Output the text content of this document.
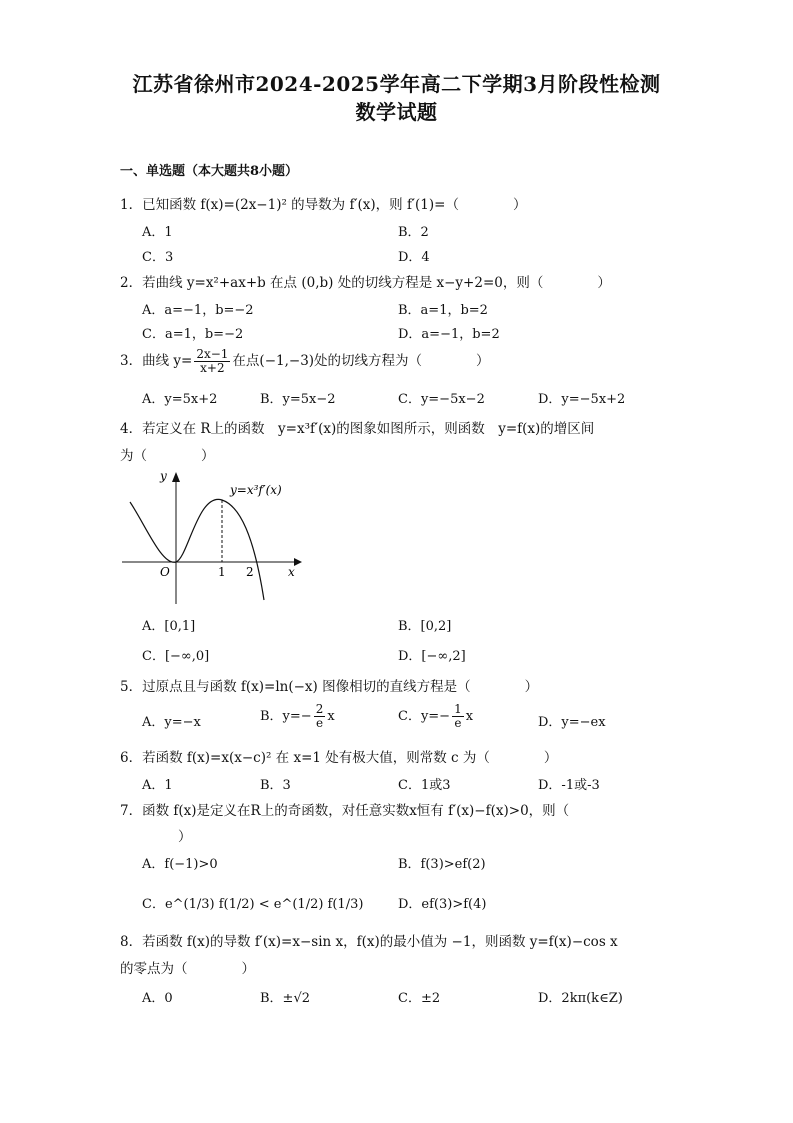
江苏省徐州市2024-2025学年高二下学期3月阶段性检测
数学试题
一、单选题（本大题共8小题）
1．已知函数 f(x)=(2x−1)² 的导数为 f′(x)，则 f′(1)=（　　　　）
A．1	B．2
C．3	D．4
2．若曲线 y=x²+ax+b 在点 (0,b) 处的切线方程是 x−y+2=0，则（　　　　）
A．a=−1，b=−2	B．a=1，b=2
C．a=1，b=−2	D．a=−1，b=2
3．曲线 $y= \frac{2x-1}{x+2}$ 在点(−1,−3)处的切线方程为（　　　　）
A．y=5x+2	B．y=5x−2	C．y=−5x−2	D．y=−5x+2
4．若定义在 R上的函数　y=x³f′(x)的图象如图所示，则函数　y=f(x)的增区间
为（　　　　）
y
x
O	1 2
y=x³f′(x)
A．[0,1]	B．[0,2]
C．[−∞,0]	D．[−∞,2]
5．过原点且与函数 f(x)=ln(−x) 图像相切的直线方程是（　　　　）
A．y=−x	B．$y=- \frac{2}{e}$ x	C．$y=- \frac{1}{e}$ x	D．y=−ex
6．若函数 f(x)=x(x−c)² 在 x=1 处有极大值，则常数 c 为（　　　　）
A．1	B．3	C．1或3	D．-1或-3
7．函数 f(x)是定义在R上的奇函数，对任意实数x恒有 f′(x)−f(x)>0，则（
）
A．f(−1)>0	B．f(3)>ef(2)
C．e^(1/3) f(1/2) < e^(1/2) f(1/3)	D．ef(3)>f(4)
8．若函数 f(x)的导数 f′(x)=x−sin x，f(x)的最小值为 −1，则函数 y=f(x)−cos x
的零点为（　　　　）
A．0	B．±√2	C．±2	D．2kπ(k∈Z)
